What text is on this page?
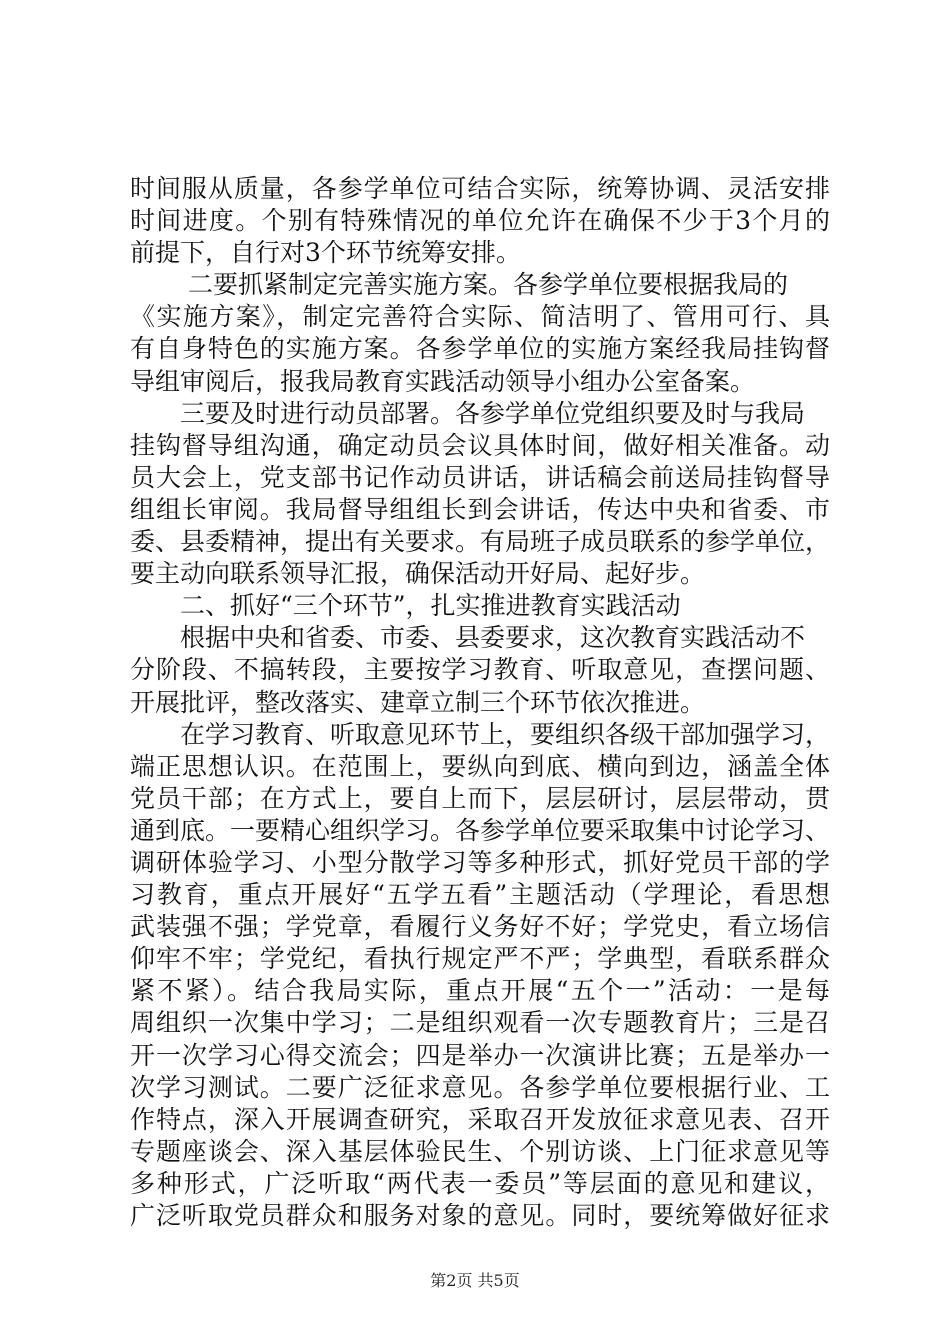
时间服从质量，各参学单位可结合实际，统筹协调、灵活安排
时间进度。个别有特殊情况的单位允许在确保不少于3个月的
前提下，自行对3个环节统筹安排。
二要抓紧制定完善实施方案。各参学单位要根据我局的
《实施方案》，制定完善符合实际、简洁明了、管用可行、具
有自身特色的实施方案。各参学单位的实施方案经我局挂钩督
导组审阅后，报我局教育实践活动领导小组办公室备案。
三要及时进行动员部署。各参学单位党组织要及时与我局
挂钩督导组沟通，确定动员会议具体时间，做好相关准备。动
员大会上，党支部书记作动员讲话，讲话稿会前送局挂钩督导
组组长审阅。我局督导组组长到会讲话，传达中央和省委、市
委、县委精神，提出有关要求。有局班子成员联系的参学单位，
要主动向联系领导汇报，确保活动开好局、起好步。
二、抓好“三个环节”，扎实推进教育实践活动
根据中央和省委、市委、县委要求，这次教育实践活动不
分阶段、不搞转段，主要按学习教育、听取意见，查摆问题、
开展批评，整改落实、建章立制三个环节依次推进。
在学习教育、听取意见环节上，要组织各级干部加强学习，
端正思想认识。在范围上，要纵向到底、横向到边，涵盖全体
党员干部；在方式上，要自上而下，层层研讨，层层带动，贯
通到底。一要精心组织学习。各参学单位要采取集中讨论学习、
调研体验学习、小型分散学习等多种形式，抓好党员干部的学
习教育，重点开展好“五学五看”主题活动（学理论，看思想
武装强不强；学党章，看履行义务好不好；学党史，看立场信
仰牢不牢；学党纪，看执行规定严不严；学典型，看联系群众
紧不紧）。结合我局实际，重点开展“五个一”活动：一是每
周组织一次集中学习；二是组织观看一次专题教育片；三是召
开一次学习心得交流会；四是举办一次演讲比赛；五是举办一
次学习测试。二要广泛征求意见。各参学单位要根据行业、工
作特点，深入开展调查研究，采取召开发放征求意见表、召开
专题座谈会、深入基层体验民生、个别访谈、上门征求意见等
多种形式，广泛听取“两代表一委员”等层面的意见和建议，
广泛听取党员群众和服务对象的意见。同时，要统筹做好征求
第2页 共5页
